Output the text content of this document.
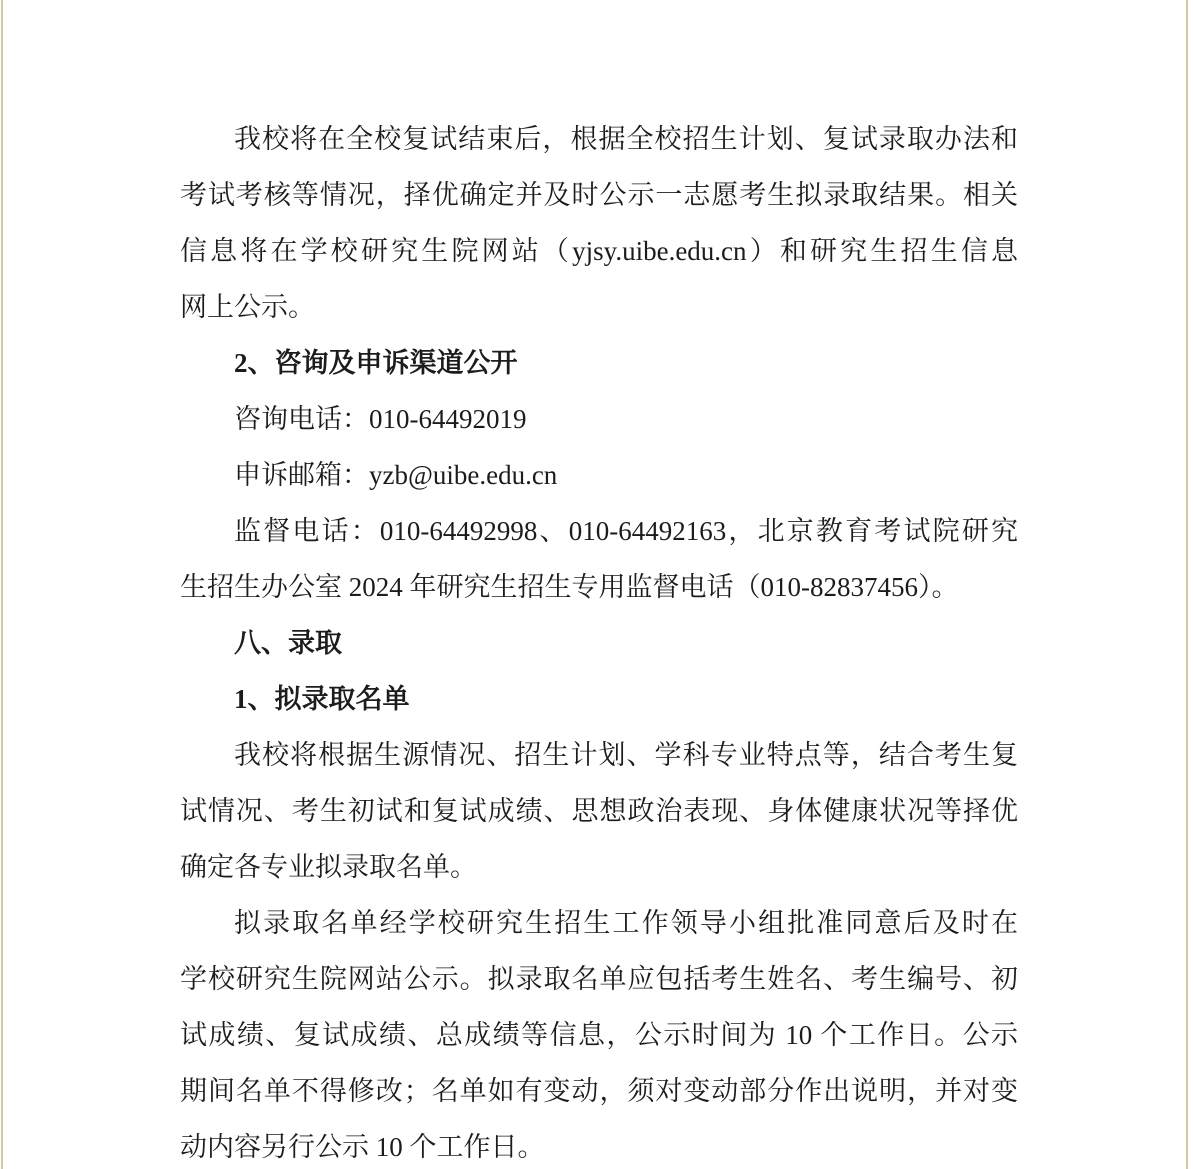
我校将在全校复试结束后，根据全校招生计划、复试录取办法和

考试考核等情况，择优确定并及时公示一志愿考生拟录取结果。相关

信息将在学校研究生院网站（yjsy.uibe.edu.cn）和研究生招生信息

网上公示。

2、咨询及申诉渠道公开

咨询电话：010-64492019

申诉邮箱：yzb@uibe.edu.cn

监督电话：010-64492998、010-64492163，北京教育考试院研究

生招生办公室 2024 年研究生招生专用监督电话（010-82837456）。

八、录取

1、拟录取名单

我校将根据生源情况、招生计划、学科专业特点等，结合考生复

试情况、考生初试和复试成绩、思想政治表现、身体健康状况等择优

确定各专业拟录取名单。

拟录取名单经学校研究生招生工作领导小组批准同意后及时在

学校研究生院网站公示。拟录取名单应包括考生姓名、考生编号、初

试成绩、复试成绩、总成绩等信息，公示时间为 10 个工作日。公示

期间名单不得修改；名单如有变动，须对变动部分作出说明，并对变

动内容另行公示 10 个工作日。
